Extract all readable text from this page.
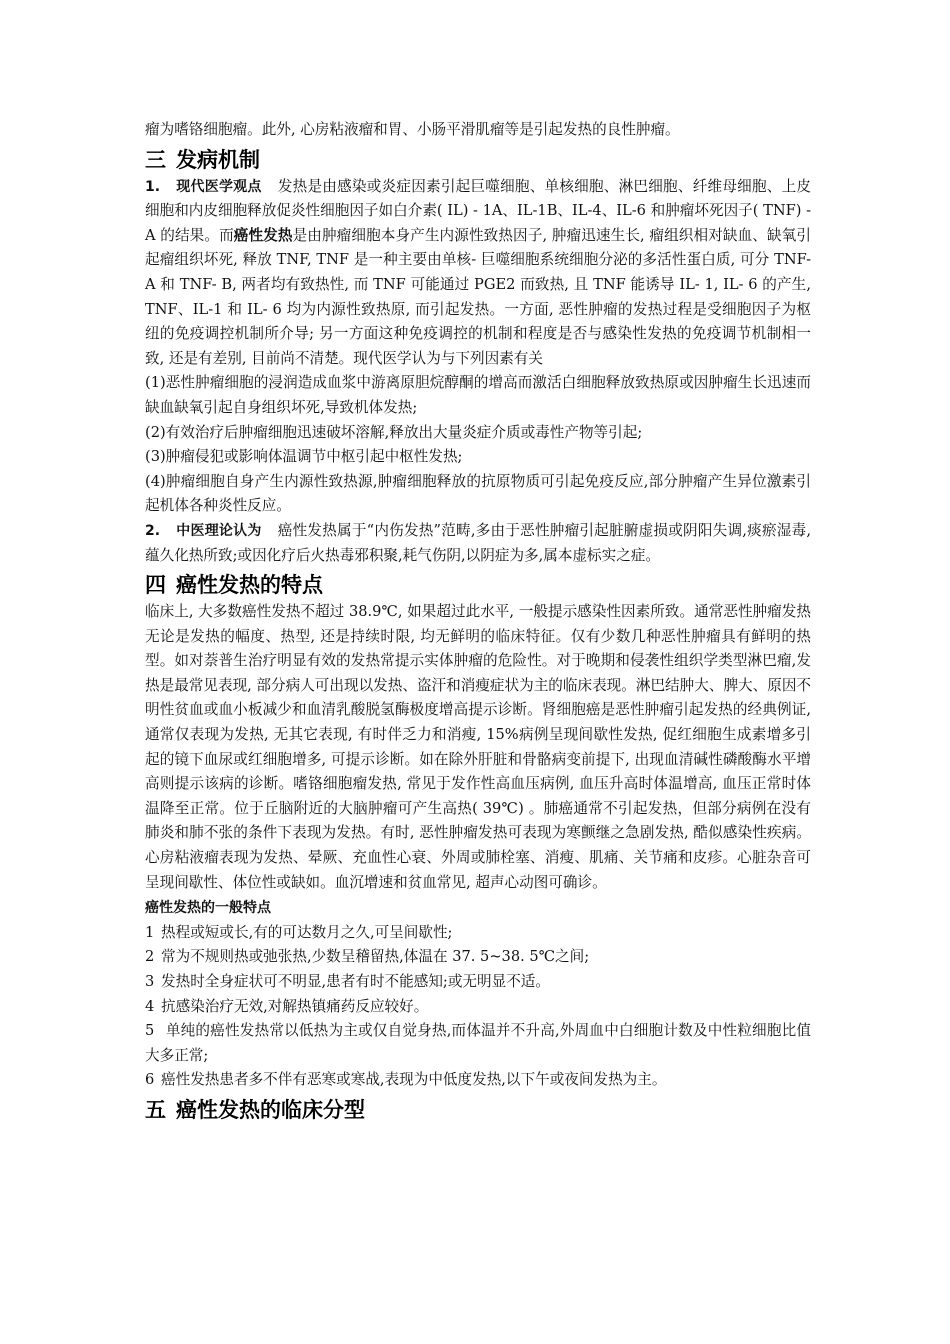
瘤为嗜铬细胞瘤。此外, 心房粘液瘤和胃、小肠平滑肌瘤等是引起发热的良性肿瘤。

三 发病机制

1. 现代医学观点 发热是由感染或炎症因素引起巨噬细胞、单核细胞、淋巴细胞、纤维母细胞、上皮细胞和内皮细胞释放促炎性细胞因子如白介素( IL) - 1A、IL-1B、IL-4、IL-6 和肿瘤坏死因子( TNF) -A 的结果。而癌性发热是由肿瘤细胞本身产生内源性致热因子, 肿瘤迅速生长, 瘤组织相对缺血、缺氧引起瘤组织坏死, 释放 TNF, TNF 是一种主要由单核- 巨噬细胞系统细胞分泌的多活性蛋白质, 可分 TNF-A 和 TNF- B, 两者均有致热性, 而 TNF 可能通过 PGE2 而致热, 且 TNF 能诱导 IL- 1, IL- 6 的产生, TNF、IL-1 和 IL- 6 均为内源性致热原, 而引起发热。一方面, 恶性肿瘤的发热过程是受细胞因子为枢纽的免疫调控机制所介导; 另一方面这种免疫调控的机制和程度是否与感染性发热的免疫调节机制相一致, 还是有差别, 目前尚不清楚。现代医学认为与下列因素有关

(1)恶性肿瘤细胞的浸润造成血浆中游离原胆烷醇酮的增高而激活白细胞释放致热原或因肿瘤生长迅速而缺血缺氧引起自身组织坏死,导致机体发热;

(2)有效治疗后肿瘤细胞迅速破坏溶解,释放出大量炎症介质或毒性产物等引起;

(3)肿瘤侵犯或影响体温调节中枢引起中枢性发热;

(4)肿瘤细胞自身产生内源性致热源,肿瘤细胞释放的抗原物质可引起免疫反应,部分肿瘤产生异位激素引起机体各种炎性反应。

2. 中医理论认为 癌性发热属于“内伤发热”范畴,多由于恶性肿瘤引起脏腑虚损或阴阳失调,痰瘀湿毒,蕴久化热所致;或因化疗后火热毒邪积聚,耗气伤阴,以阴症为多,属本虚标实之症。

四 癌性发热的特点

临床上, 大多数癌性发热不超过 38.9℃, 如果超过此水平, 一般提示感染性因素所致。通常恶性肿瘤发热无论是发热的幅度、热型, 还是持续时限, 均无鲜明的临床特征。仅有少数几种恶性肿瘤具有鲜明的热型。如对萘普生治疗明显有效的发热常提示实体肿瘤的危险性。对于晚期和侵袭性组织学类型淋巴瘤,发热是最常见表现, 部分病人可出现以发热、盗汗和消瘦症状为主的临床表现。淋巴结肿大、脾大、原因不明性贫血或血小板减少和血清乳酸脱氢酶极度增高提示诊断。肾细胞癌是恶性肿瘤引起发热的经典例证, 通常仅表现为发热, 无其它表现, 有时伴乏力和消瘦, 15%病例呈现间歇性发热, 促红细胞生成素增多引起的镜下血尿或红细胞增多, 可提示诊断。如在除外肝脏和骨骼病变前提下, 出现血清碱性磷酸酶水平增高则提示该病的诊断。嗜铬细胞瘤发热, 常见于发作性高血压病例, 血压升高时体温增高, 血压正常时体温降至正常。位于丘脑附近的大脑肿瘤可产生高热( 39℃) 。肺癌通常不引起发热，但部分病例在没有肺炎和肺不张的条件下表现为发热。有时, 恶性肿瘤发热可表现为寒颤继之急剧发热, 酷似感染性疾病。心房粘液瘤表现为发热、晕厥、充血性心衰、外周或肺栓塞、消瘦、肌痛、关节痛和皮疹。心脏杂音可呈现间歇性、体位性或缺如。血沉增速和贫血常见, 超声心动图可确诊。

癌性发热的一般特点

1 热程或短或长,有的可达数月之久,可呈间歇性;

2 常为不规则热或弛张热,少数呈稽留热,体温在 37. 5~38. 5℃之间;

3 发热时全身症状可不明显,患者有时不能感知;或无明显不适。

4 抗感染治疗无效,对解热镇痛药反应较好。

5 单纯的癌性发热常以低热为主或仅自觉身热,而体温并不升高,外周血中白细胞计数及中性粒细胞比值大多正常;

6 癌性发热患者多不伴有恶寒或寒战,表现为中低度发热,以下午或夜间发热为主。

五 癌性发热的临床分型
